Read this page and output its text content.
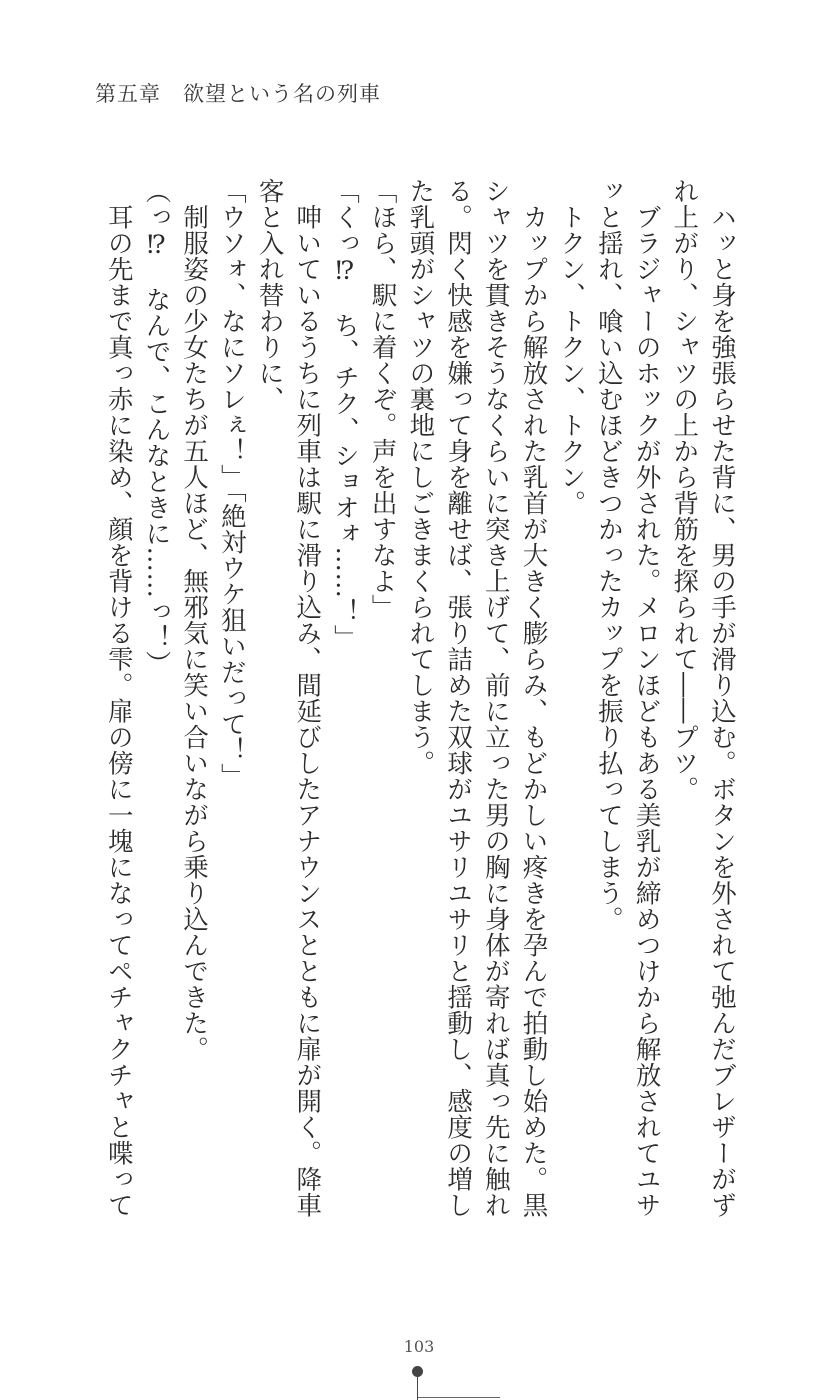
第五章　欲望という名の列車
　ハッと身を強張らせた背に、男の手が滑り込む。ボタンを外されて弛んだブレザーがず
れ上がり、シャツの上から背筋を探られて――プツ。
　ブラジャーのホックが外された。メロンほどもある美乳が締めつけから解放されてユサ
ッと揺れ、喰い込むほどきつかったカップを振り払ってしまう。
　トクン、トクン、トクン。
　カップから解放された乳首が大きく膨らみ、もどかしい疼きを孕んで拍動し始めた。黒
シャツを貫きそうなくらいに突き上げて、前に立った男の胸に身体が寄れば真っ先に触れ
る。閃く快感を嫌って身を離せば、張り詰めた双球がユサリユサリと揺動し、感度の増し
た乳頭がシャツの裏地にしごきまくられてしまう。
「ほら、駅に着くぞ。声を出すなよ」
「くっ⁉　ち、チク、ショオォ……！」
　呻いているうちに列車は駅に滑り込み、間延びしたアナウンスとともに扉が開く。降車
客と入れ替わりに、
「ウソォ、なにソレぇ！」「絶対ウケ狙いだって！」
　制服姿の少女たちが五人ほど、無邪気に笑い合いながら乗り込んできた。
（っ⁉　なんで、こんなときに……っ！）
　耳の先まで真っ赤に染め、顔を背ける雫。扉の傍に一塊になってペチャクチャと喋って
103
